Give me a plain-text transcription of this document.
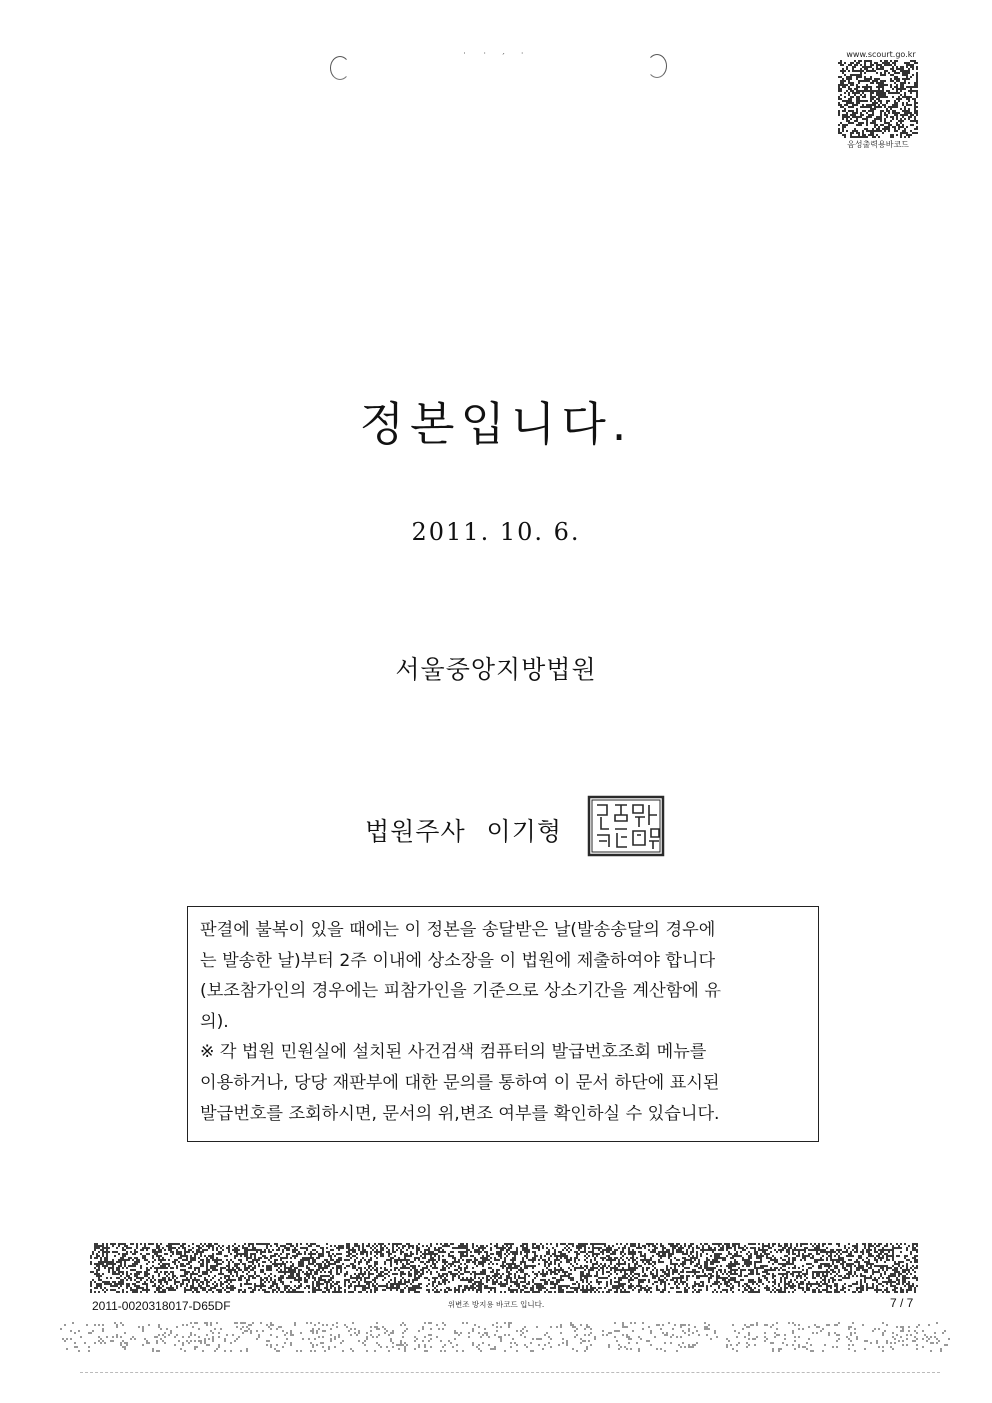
˙ ˙ ′ ˙	www.scourt.go.kr
음성출력용바코드
정본입니다.
2011. 10. 6.
서울중앙지방법원
법원주사 이기형

판결에 불복이 있을 때에는 이 정본을 송달받은 날(발송송달의 경우에

는 발송한 날)부터 2주 이내에 상소장을 이 법원에 제출하여야 합니다

(보조참가인의 경우에는 피참가인을 기준으로 상소기간을 계산함에 유

의).

※ 각 법원 민원실에 설치된 사건검색 컴퓨터의 발급번호조회 메뉴를

이용하거나, 당당 재판부에 대한 문의를 통하여 이 문서 하단에 표시된

발급번호를 조회하시면, 문서의 위,변조 여부를 확인하실 수 있습니다.

2011-0020318017-D65DF	위변조 방지용 바코드 입니다.	7 / 7
